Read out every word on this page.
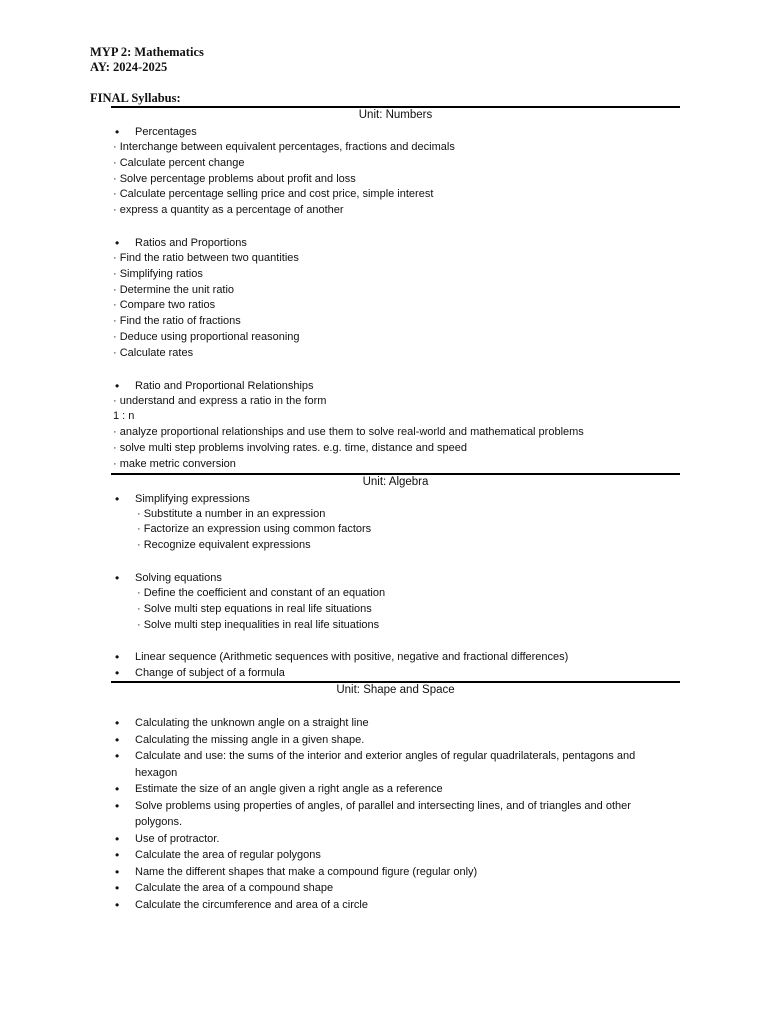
MYP 2: Mathematics
AY: 2024-2025
FINAL Syllabus:
Unit: Numbers
• Percentages
· Interchange between equivalent percentages, fractions and decimals
· Calculate percent change
· Solve percentage problems about profit and loss
· Calculate percentage selling price and cost price, simple interest
· express a quantity as a percentage of another
• Ratios and Proportions
· Find the ratio between two quantities
· Simplifying ratios
· Determine the unit ratio
· Compare two ratios
· Find the ratio of fractions
· Deduce using proportional reasoning
· Calculate rates
• Ratio and Proportional Relationships
· understand and express a ratio in the form
1 : n
· analyze proportional relationships and use them to solve real-world and mathematical problems
· solve multi step problems involving rates. e.g. time, distance and speed
· make metric conversion
Unit: Algebra
• Simplifying expressions
· Substitute a number in an expression
· Factorize an expression using common factors
· Recognize equivalent expressions
• Solving equations
· Define the coefficient and constant of an equation
· Solve multi step equations in real life situations
· Solve multi step inequalities in real life situations
• Linear sequence (Arithmetic sequences with positive, negative and fractional differences)
• Change of subject of a formula
Unit: Shape and Space
• Calculating the unknown angle on a straight line
• Calculating the missing angle in a given shape.
• Calculate and use: the sums of the interior and exterior angles of regular quadrilaterals, pentagons and hexagon
• Estimate the size of an angle given a right angle as a reference
• Solve problems using properties of angles, of parallel and intersecting lines, and of triangles and other polygons.
• Use of protractor.
• Calculate the area of regular polygons
• Name the different shapes that make a compound figure (regular only)
• Calculate the area of a compound shape
• Calculate the circumference and area of a circle
